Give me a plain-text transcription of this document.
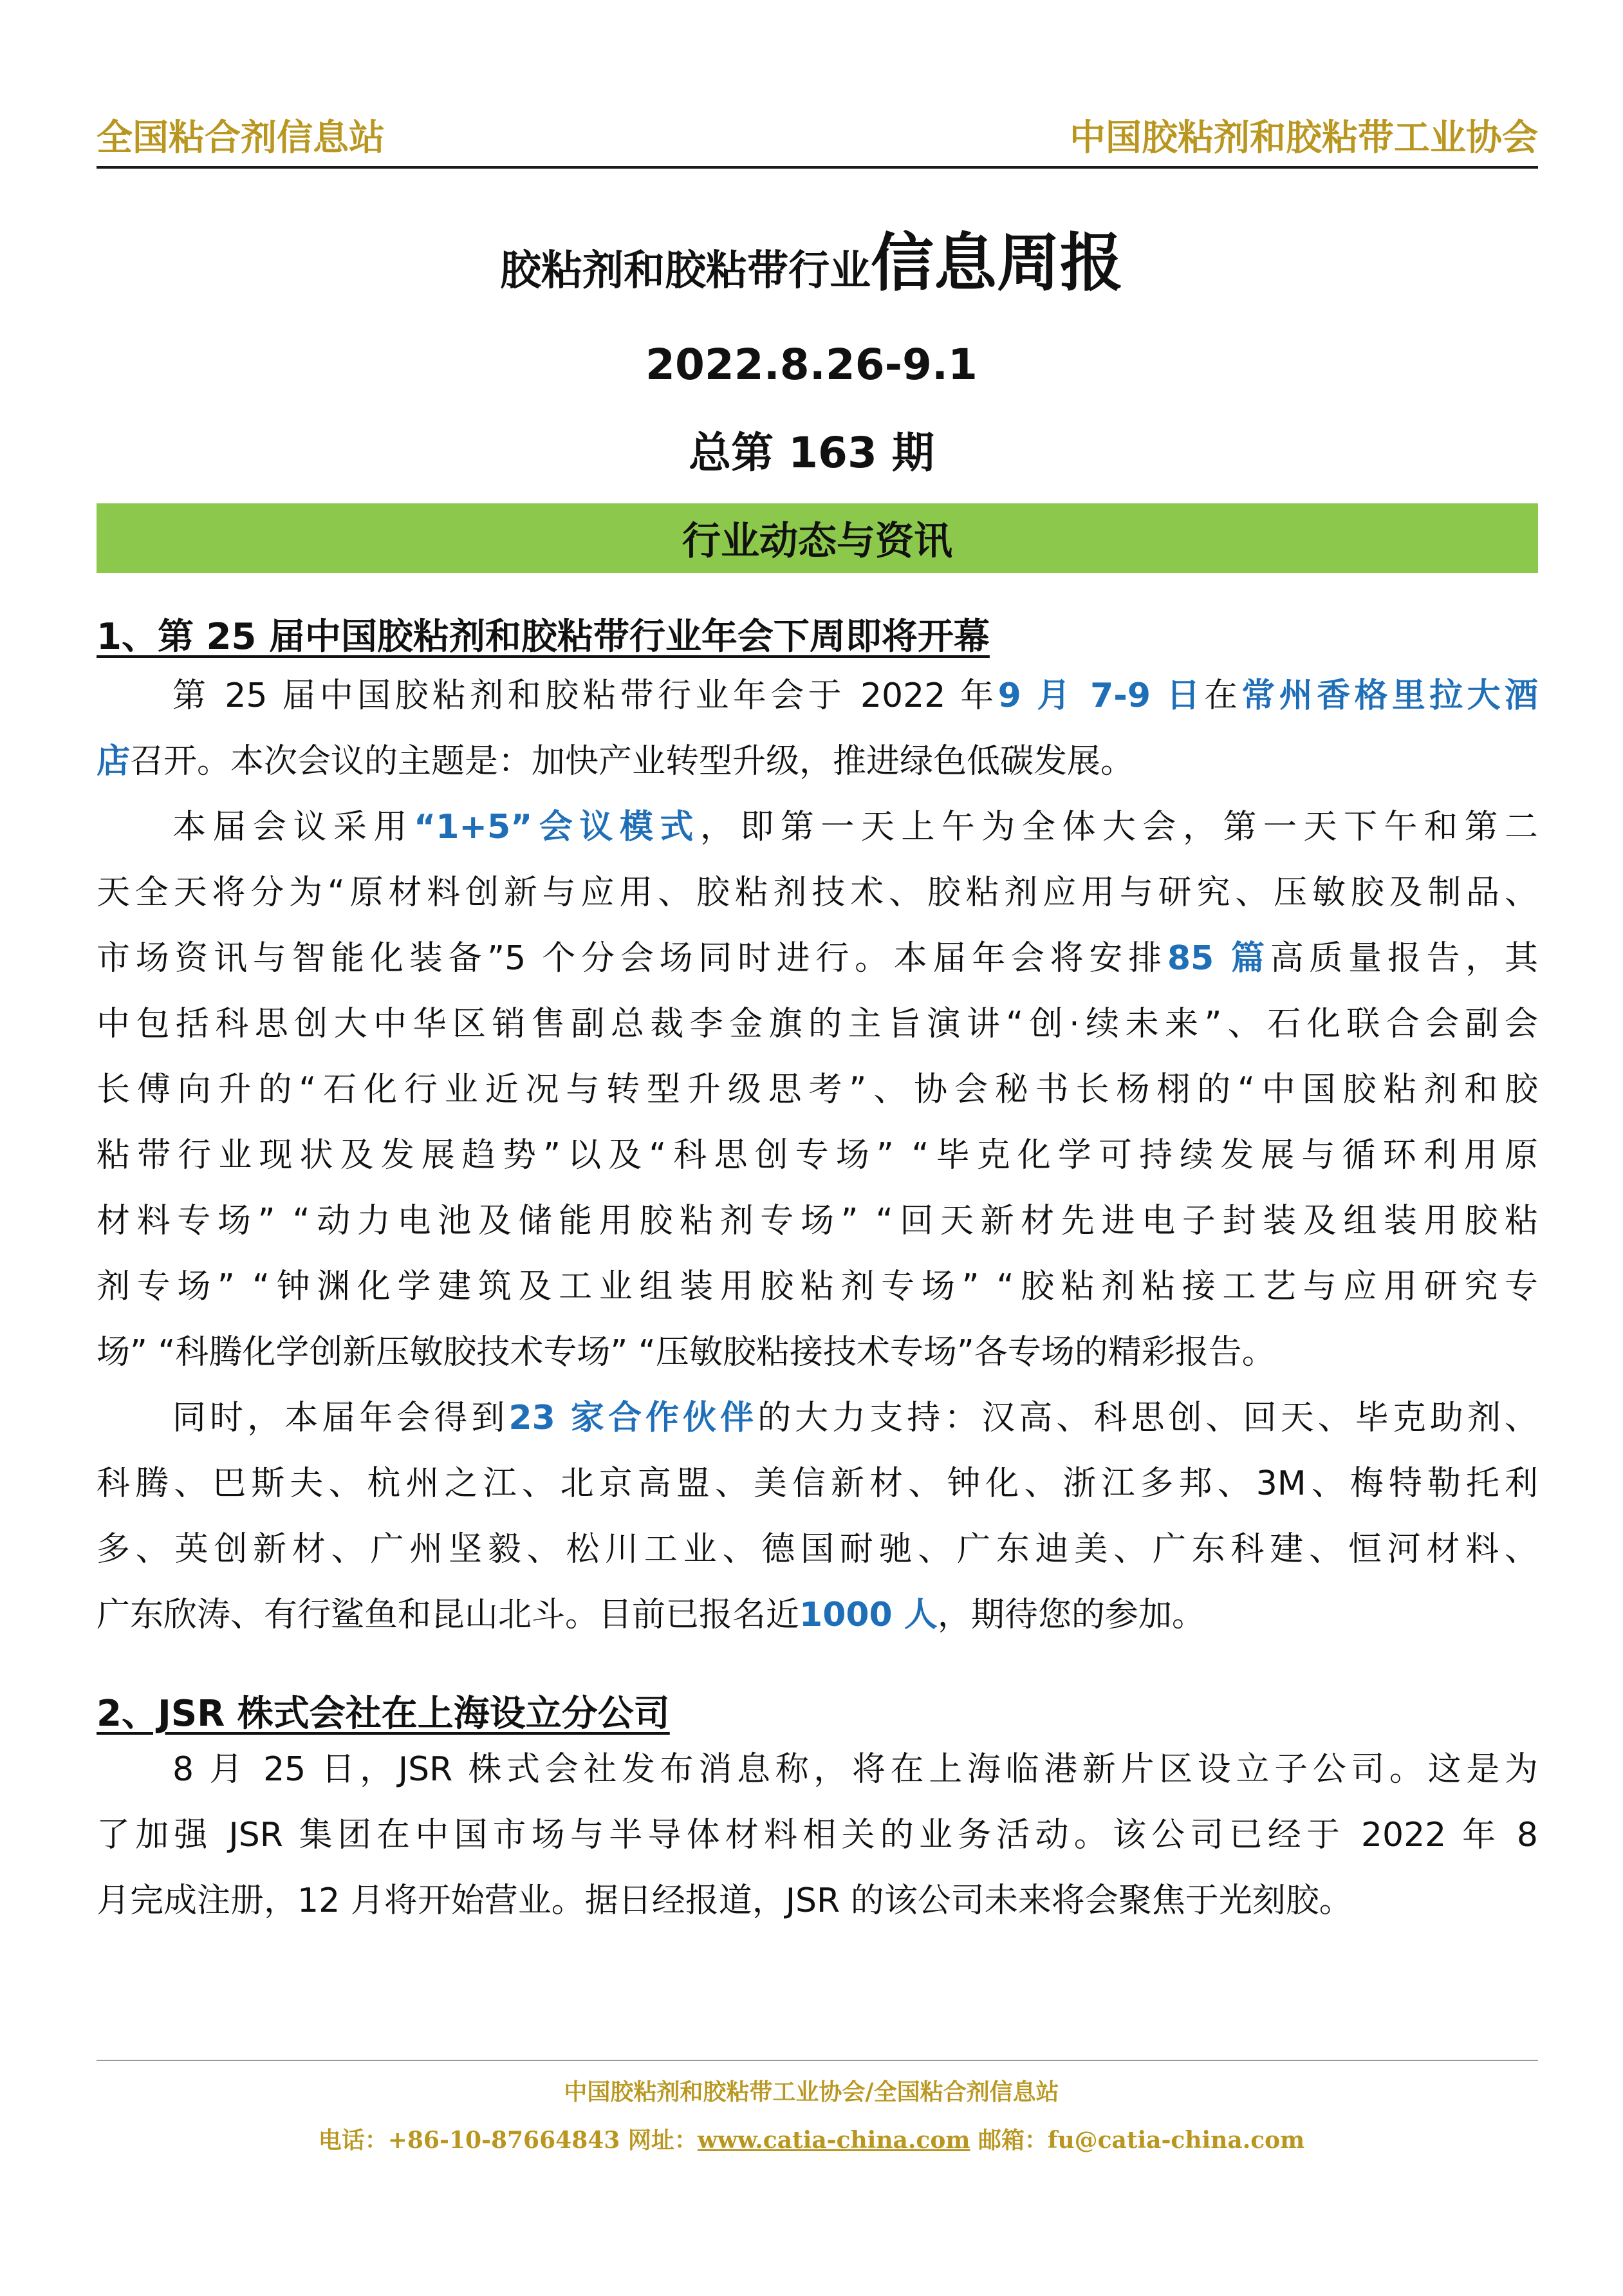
全国粘合剂信息站	中国胶粘剂和胶粘带工业协会
胶粘剂和胶粘带行业信息周报
2022.8.26-9.1
总第 163 期
行业动态与资讯
1、第 25 届中国胶粘剂和胶粘带行业年会下周即将开幕
第 25 届中国胶粘剂和胶粘带行业年会于 2022 年9 月 7-9 日在常州香格里拉大酒
店召开。本次会议的主题是：加快产业转型升级，推进绿色低碳发展。
本届会议采用“1+5”会议模式，即第一天上午为全体大会，第一天下午和第二
天全天将分为“原材料创新与应用、胶粘剂技术、胶粘剂应用与研究、压敏胶及制品、
市场资讯与智能化装备”5 个分会场同时进行。本届年会将安排85 篇高质量报告，其
中包括科思创大中华区销售副总裁李金旗的主旨演讲“创·续未来”、石化联合会副会
长傅向升的“石化行业近况与转型升级思考”、协会秘书长杨栩的“中国胶粘剂和胶
粘带行业现状及发展趋势”以及“科思创专场” “毕克化学可持续发展与循环利用原
材料专场” “动力电池及储能用胶粘剂专场” “回天新材先进电子封装及组装用胶粘
剂专场” “钟渊化学建筑及工业组装用胶粘剂专场” “胶粘剂粘接工艺与应用研究专
场” “科腾化学创新压敏胶技术专场” “压敏胶粘接技术专场”各专场的精彩报告。
同时，本届年会得到23 家合作伙伴的大力支持：汉高、科思创、回天、毕克助剂、
科腾、巴斯夫、杭州之江、北京高盟、美信新材、钟化、浙江多邦、3M、梅特勒托利
多、英创新材、广州坚毅、松川工业、德国耐驰、广东迪美、广东科建、恒河材料、
广东欣涛、有行鲨鱼和昆山北斗。目前已报名近1000 人，期待您的参加。
2、JSR 株式会社在上海设立分公司
8 月 25 日，JSR 株式会社发布消息称，将在上海临港新片区设立子公司。这是为
了加强 JSR 集团在中国市场与半导体材料相关的业务活动。该公司已经于 2022 年 8
月完成注册，12 月将开始营业。据日经报道，JSR 的该公司未来将会聚焦于光刻胶。
中国胶粘剂和胶粘带工业协会/全国粘合剂信息站
电话：+86-10-87664843 网址：www.catia-china.com 邮箱：fu@catia-china.com
